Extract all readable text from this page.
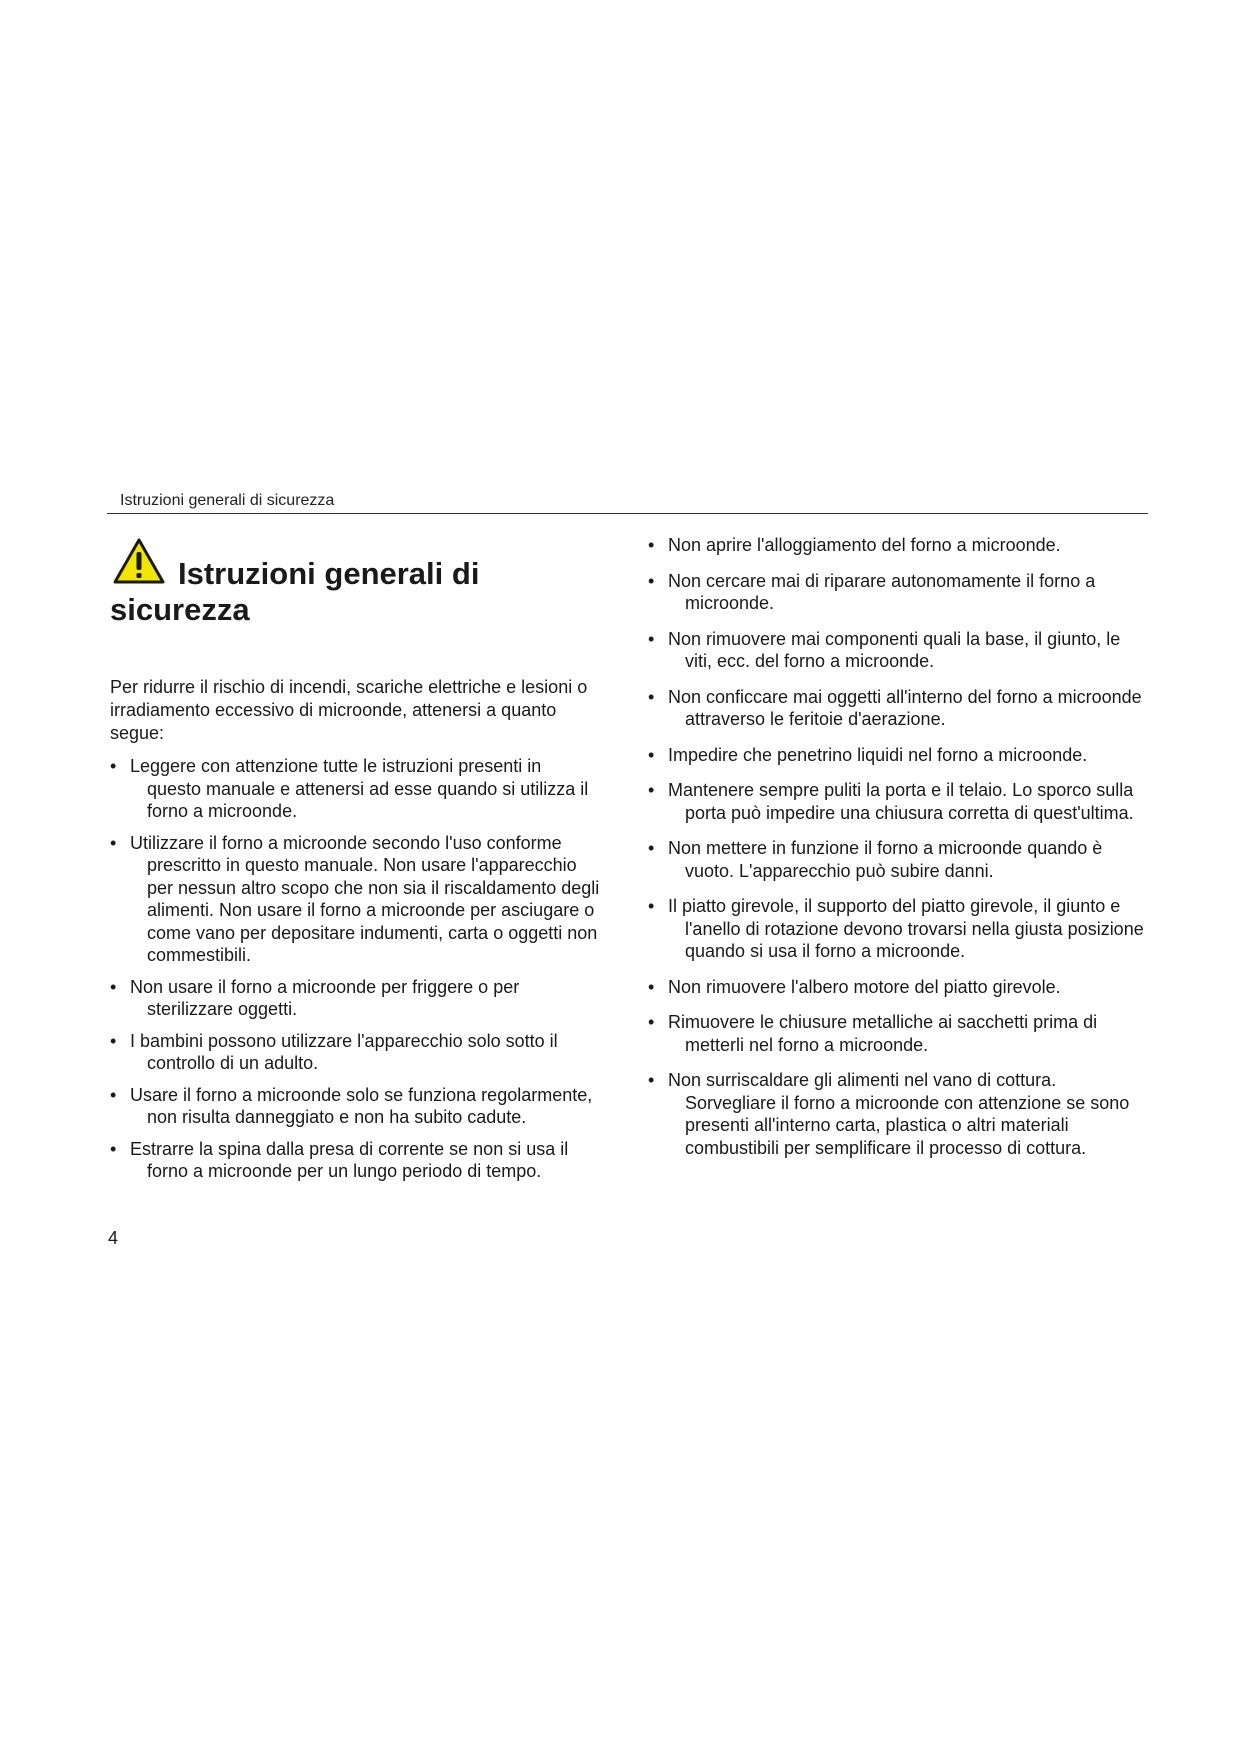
Istruzioni generali di sicurezza
Istruzioni generali di
sicurezza

Per ridurre il rischio di incendi, scariche elettriche e lesioni o irradiamento eccessivo di microonde, attenersi a quanto segue:

• Leggere con attenzione tutte le istruzioni presenti in questo manuale e attenersi ad esse quando si utilizza il forno a microonde.
• Utilizzare il forno a microonde secondo l'uso conforme prescritto in questo manuale. Non usare l'apparecchio per nessun altro scopo che non sia il riscaldamento degli alimenti. Non usare il forno a microonde per asciugare o come vano per depositare indumenti, carta o oggetti non commestibili.
• Non usare il forno a microonde per friggere o per sterilizzare oggetti.
• I bambini possono utilizzare l'apparecchio solo sotto il controllo di un adulto.
• Usare il forno a microonde solo se funziona regolarmente, non risulta danneggiato e non ha subito cadute.
• Estrarre la spina dalla presa di corrente se non si usa il forno a microonde per un lungo periodo di tempo.
• Non aprire l'alloggiamento del forno a microonde.
• Non cercare mai di riparare autonomamente il forno a microonde.
• Non rimuovere mai componenti quali la base, il giunto, le viti, ecc. del forno a microonde.
• Non conficcare mai oggetti all'interno del forno a microonde attraverso le feritoie d'aerazione.
• Impedire che penetrino liquidi nel forno a microonde.
• Mantenere sempre puliti la porta e il telaio. Lo sporco sulla porta può impedire una chiusura corretta di quest'ultima.
• Non mettere in funzione il forno a microonde quando è vuoto. L'apparecchio può subire danni.
• Il piatto girevole, il supporto del piatto girevole, il giunto e l'anello di rotazione devono trovarsi nella giusta posizione quando si usa il forno a microonde.
• Non rimuovere l'albero motore del piatto girevole.
• Rimuovere le chiusure metalliche ai sacchetti prima di metterli nel forno a microonde.
• Non surriscaldare gli alimenti nel vano di cottura. Sorvegliare il forno a microonde con attenzione se sono presenti all'interno carta, plastica o altri materiali combustibili per semplificare il processo di cottura.
4
